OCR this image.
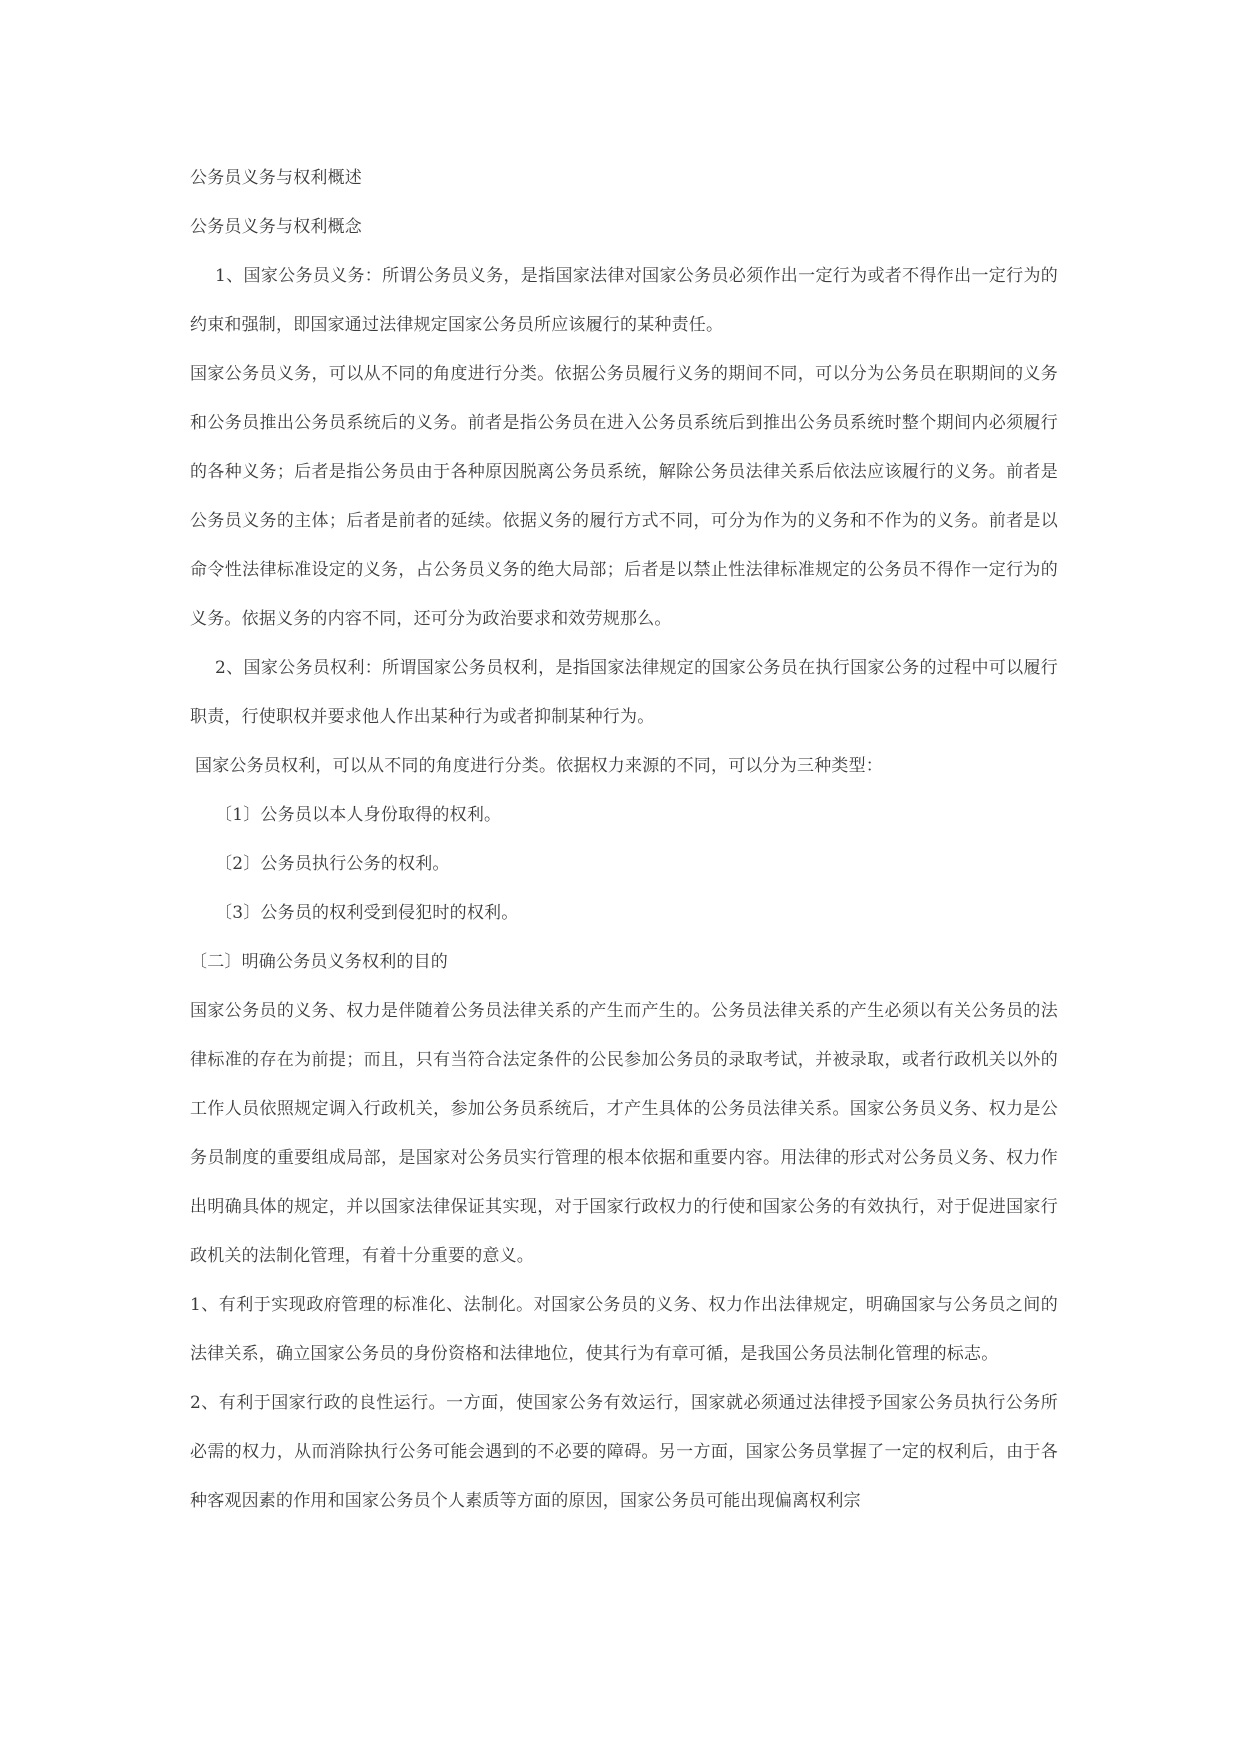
公务员义务与权利概述

公务员义务与权利概念

1、国家公务员义务：所谓公务员义务，是指国家法律对国家公务员必须作出一定行为或者不得作出一定行为的约束和强制，即国家通过法律规定国家公务员所应该履行的某种责任。

国家公务员义务，可以从不同的角度进行分类。依据公务员履行义务的期间不同，可以分为公务员在职期间的义务和公务员推出公务员系统后的义务。前者是指公务员在进入公务员系统后到推出公务员系统时整个期间内必须履行的各种义务；后者是指公务员由于各种原因脱离公务员系统，解除公务员法律关系后依法应该履行的义务。前者是公务员义务的主体；后者是前者的延续。依据义务的履行方式不同，可分为作为的义务和不作为的义务。前者是以命令性法律标准设定的义务，占公务员义务的绝大局部；后者是以禁止性法律标准规定的公务员不得作一定行为的义务。依据义务的内容不同，还可分为政治要求和效劳规那么。

2、国家公务员权利：所谓国家公务员权利，是指国家法律规定的国家公务员在执行国家公务的过程中可以履行职责，行使职权并要求他人作出某种行为或者抑制某种行为。

国家公务员权利，可以从不同的角度进行分类。依据权力来源的不同，可以分为三种类型：

〔1〕公务员以本人身份取得的权利。

〔2〕公务员执行公务的权利。

〔3〕公务员的权利受到侵犯时的权利。

〔二〕明确公务员义务权利的目的

国家公务员的义务、权力是伴随着公务员法律关系的产生而产生的。公务员法律关系的产生必须以有关公务员的法律标准的存在为前提；而且，只有当符合法定条件的公民参加公务员的录取考试，并被录取，或者行政机关以外的工作人员依照规定调入行政机关，参加公务员系统后，才产生具体的公务员法律关系。国家公务员义务、权力是公务员制度的重要组成局部，是国家对公务员实行管理的根本依据和重要内容。用法律的形式对公务员义务、权力作出明确具体的规定，并以国家法律保证其实现，对于国家行政权力的行使和国家公务的有效执行，对于促进国家行政机关的法制化管理，有着十分重要的意义。

1、有利于实现政府管理的标准化、法制化。对国家公务员的义务、权力作出法律规定，明确国家与公务员之间的法律关系，确立国家公务员的身份资格和法律地位，使其行为有章可循，是我国公务员法制化管理的标志。

2、有利于国家行政的良性运行。一方面，使国家公务有效运行，国家就必须通过法律授予国家公务员执行公务所必需的权力，从而消除执行公务可能会遇到的不必要的障碍。另一方面，国家公务员掌握了一定的权利后，由于各种客观因素的作用和国家公务员个人素质等方面的原因，国家公务员可能出现偏离权利宗
